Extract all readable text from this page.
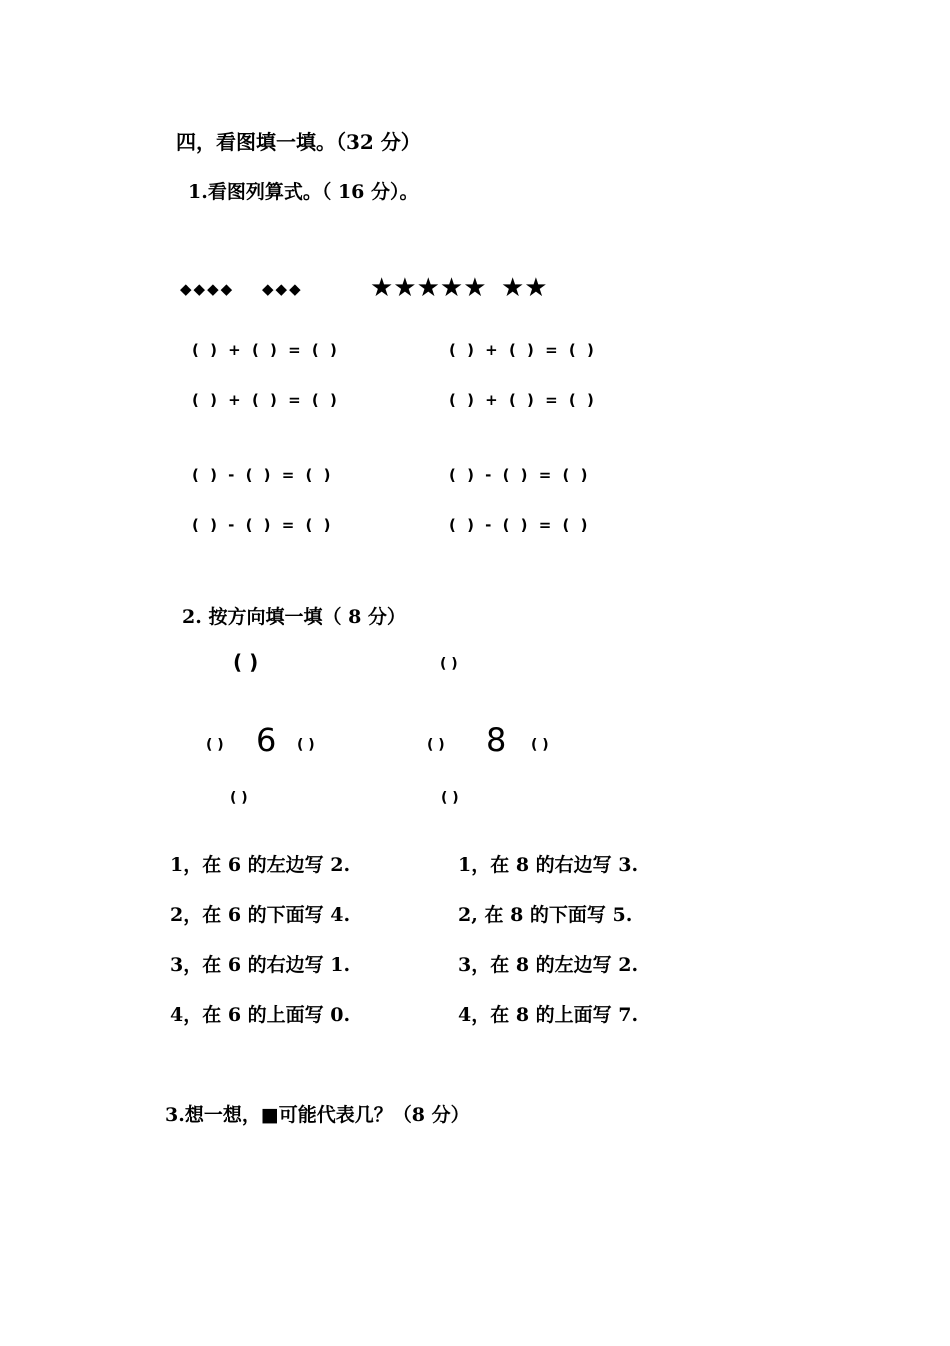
四，看图填一填。（32 分）
1.看图列算式。（ 16 分）。
◆◆◆◆ ◆◆◆	★★★★★ ★★
( ) + ( ) = ( )
( ) + ( ) = ( )
( ) - ( ) = ( )
( ) - ( ) = ( )
( ) + ( ) = ( )
( ) + ( ) = ( )
( ) - ( ) = ( )
( ) - ( ) = ( )
2. 按方向填一填（ 8 分）
( )
( ) 6 ( )
( )
( )
( ) 8 ( )
( )
1，在 6 的左边写 2.
2，在 6 的下面写 4.
3，在 6 的右边写 1.
4，在 6 的上面写 0.
1，在 8 的右边写 3.
2, 在 8 的下面写 5.
3，在 8 的左边写 2.
4，在 8 的上面写 7.
3.想一想，■可能代表几？（8 分）
